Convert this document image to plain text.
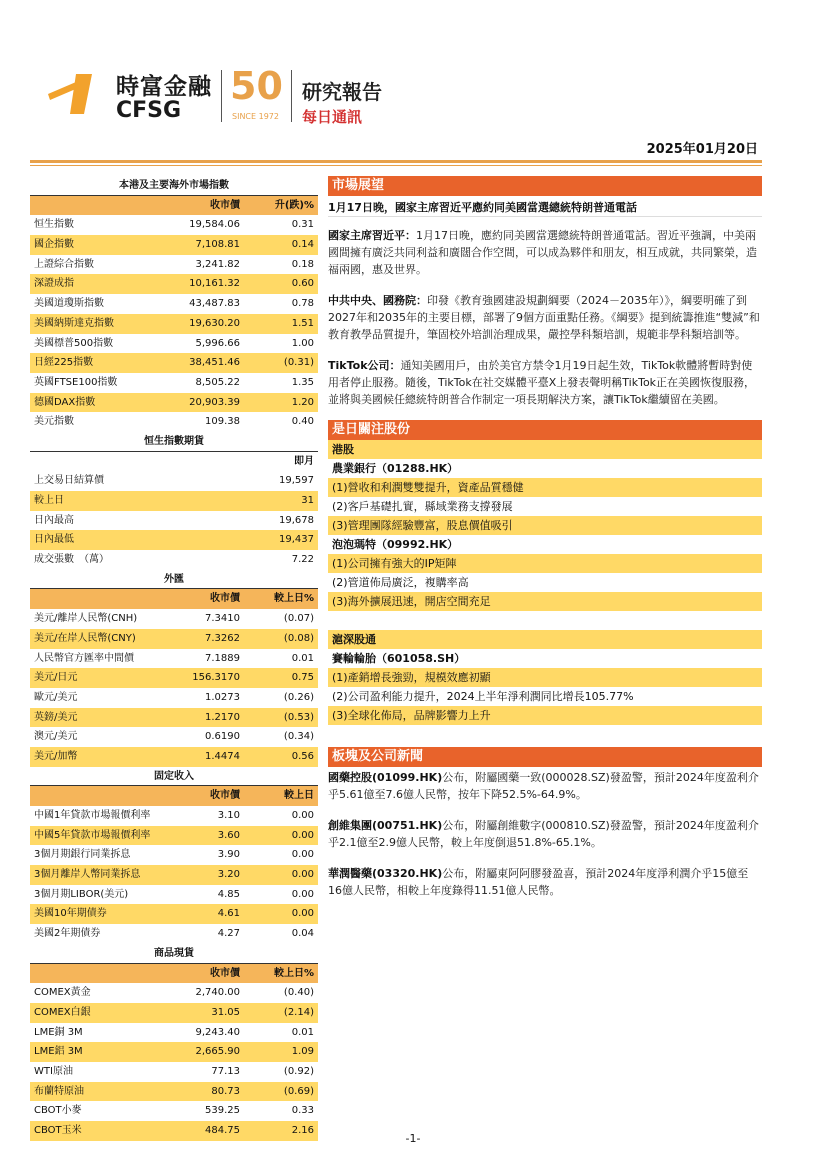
時富金融
CFSG
50
SINCE 1972
研究報告
每日通訊
2025年01月20日
本港及主要海外市場指數
收市價	升(跌)%
恒生指數	19,584.06	0.31
國企指數	7,108.81	0.14
上證綜合指數	3,241.82	0.18
深證成指	10,161.32	0.60
美國道瓊斯指數	43,487.83	0.78
美國納斯達克指數	19,630.20	1.51
美國標普500指數	5,996.66	1.00
日經225指數	38,451.46	(0.31)
英國FTSE100指數	8,505.22	1.35
德國DAX指數	20,903.39	1.20
美元指數	109.38	0.40
恒生指數期貨
即月
上交易日結算價	19,597
較上日	31
日內最高	19,678
日內最低	19,437
成交張數　（萬）	7.22
外匯
收市價	較上日%
美元/離岸人民幣(CNH)	7.3410	(0.07)
美元/在岸人民幣(CNY)	7.3262	(0.08)
人民幣官方匯率中間價	7.1889	0.01
美元/日元	156.3170	0.75
歐元/美元	1.0273	(0.26)
英鎊/美元	1.2170	(0.53)
澳元/美元	0.6190	(0.34)
美元/加幣	1.4474	0.56
固定收入
收市價	較上日
中國1年貸款市場報價利率	3.10	0.00
中國5年貸款市場報價利率	3.60	0.00
3個月期銀行同業拆息	3.90	0.00
3個月離岸人幣同業拆息	3.20	0.00
3個月期LIBOR(美元)	4.85	0.00
美國10年期債券	4.61	0.00
美國2年期債券	4.27	0.04
商品現貨
收市價	較上日%
COMEX黃金	2,740.00	(0.40)
COMEX白銀	31.05	(2.14)
LME銅 3M	9,243.40	0.01
LME鋁 3M	2,665.90	1.09
WTI原油	77.13	(0.92)
布蘭特原油	80.73	(0.69)
CBOT小麥	539.25	0.33
CBOT玉米	484.75	2.16
市場展望
1月17日晚，國家主席習近平應約同美國當選總統特朗普通電話
國家主席習近平：1月17日晚，應約同美國當選總統特朗普通電話。習近平強調，中美兩國間擁有廣泛共同利益和廣闊合作空間，可以成為夥伴和朋友，相互成就，共同繁榮，造福兩國，惠及世界。
中共中央、國務院：印發《教育強國建設規劃綱要（2024－2035年）》，綱要明確了到2027年和2035年的主要目標，部署了9個方面重點任務。《綱要》提到統籌推進“雙減”和教育教學品質提升，筆固校外培訓治理成果，嚴控學科類培訓，規範非學科類培訓等。
TikTok公司：通知美國用戶，由於美官方禁令1月19日起生效，TikTok軟體將暫時對使用者停止服務。隨後，TikTok在社交媒體平臺X上發表聲明稱TikTok正在美國恢復服務，並將與美國候任總統特朗普合作制定一項長期解決方案，讓TikTok繼續留在美國。
是日關注股份
港股
農業銀行（01288.HK）
(1)營收和利潤雙雙提升，資產品質穩健
(2)客戶基礎扎實，縣域業務支撐發展
(3)管理團隊經驗豐富，股息價值吸引
泡泡瑪特（09992.HK）
(1)公司擁有強大的IP矩陣
(2)管道佈局廣泛，複購率高
(3)海外擴展迅速，開店空間充足
滬深股通
賽輪輪胎（601058.SH）
(1)產銷增長強勁，規模效應初顯
(2)公司盈利能力提升，2024上半年淨利潤同比增長105.77%
(3)全球化佈局，品牌影響力上升
板塊及公司新聞
國藥控股(01099.HK)公布，附屬國藥一致(000028.SZ)發盈警，預計2024年度盈利介乎5.61億至7.6億人民幣，按年下降52.5%-64.9%。
創維集團(00751.HK)公布，附屬創維數字(000810.SZ)發盈警，預計2024年度盈利介乎2.1億至2.9億人民幣，較上年度倒退51.8%-65.1%。
華潤醫藥(03320.HK)公布，附屬東阿阿膠發盈喜，預計2024年度淨利潤介乎15億至16億人民幣，相較上年度錄得11.51億人民幣。
-1-
